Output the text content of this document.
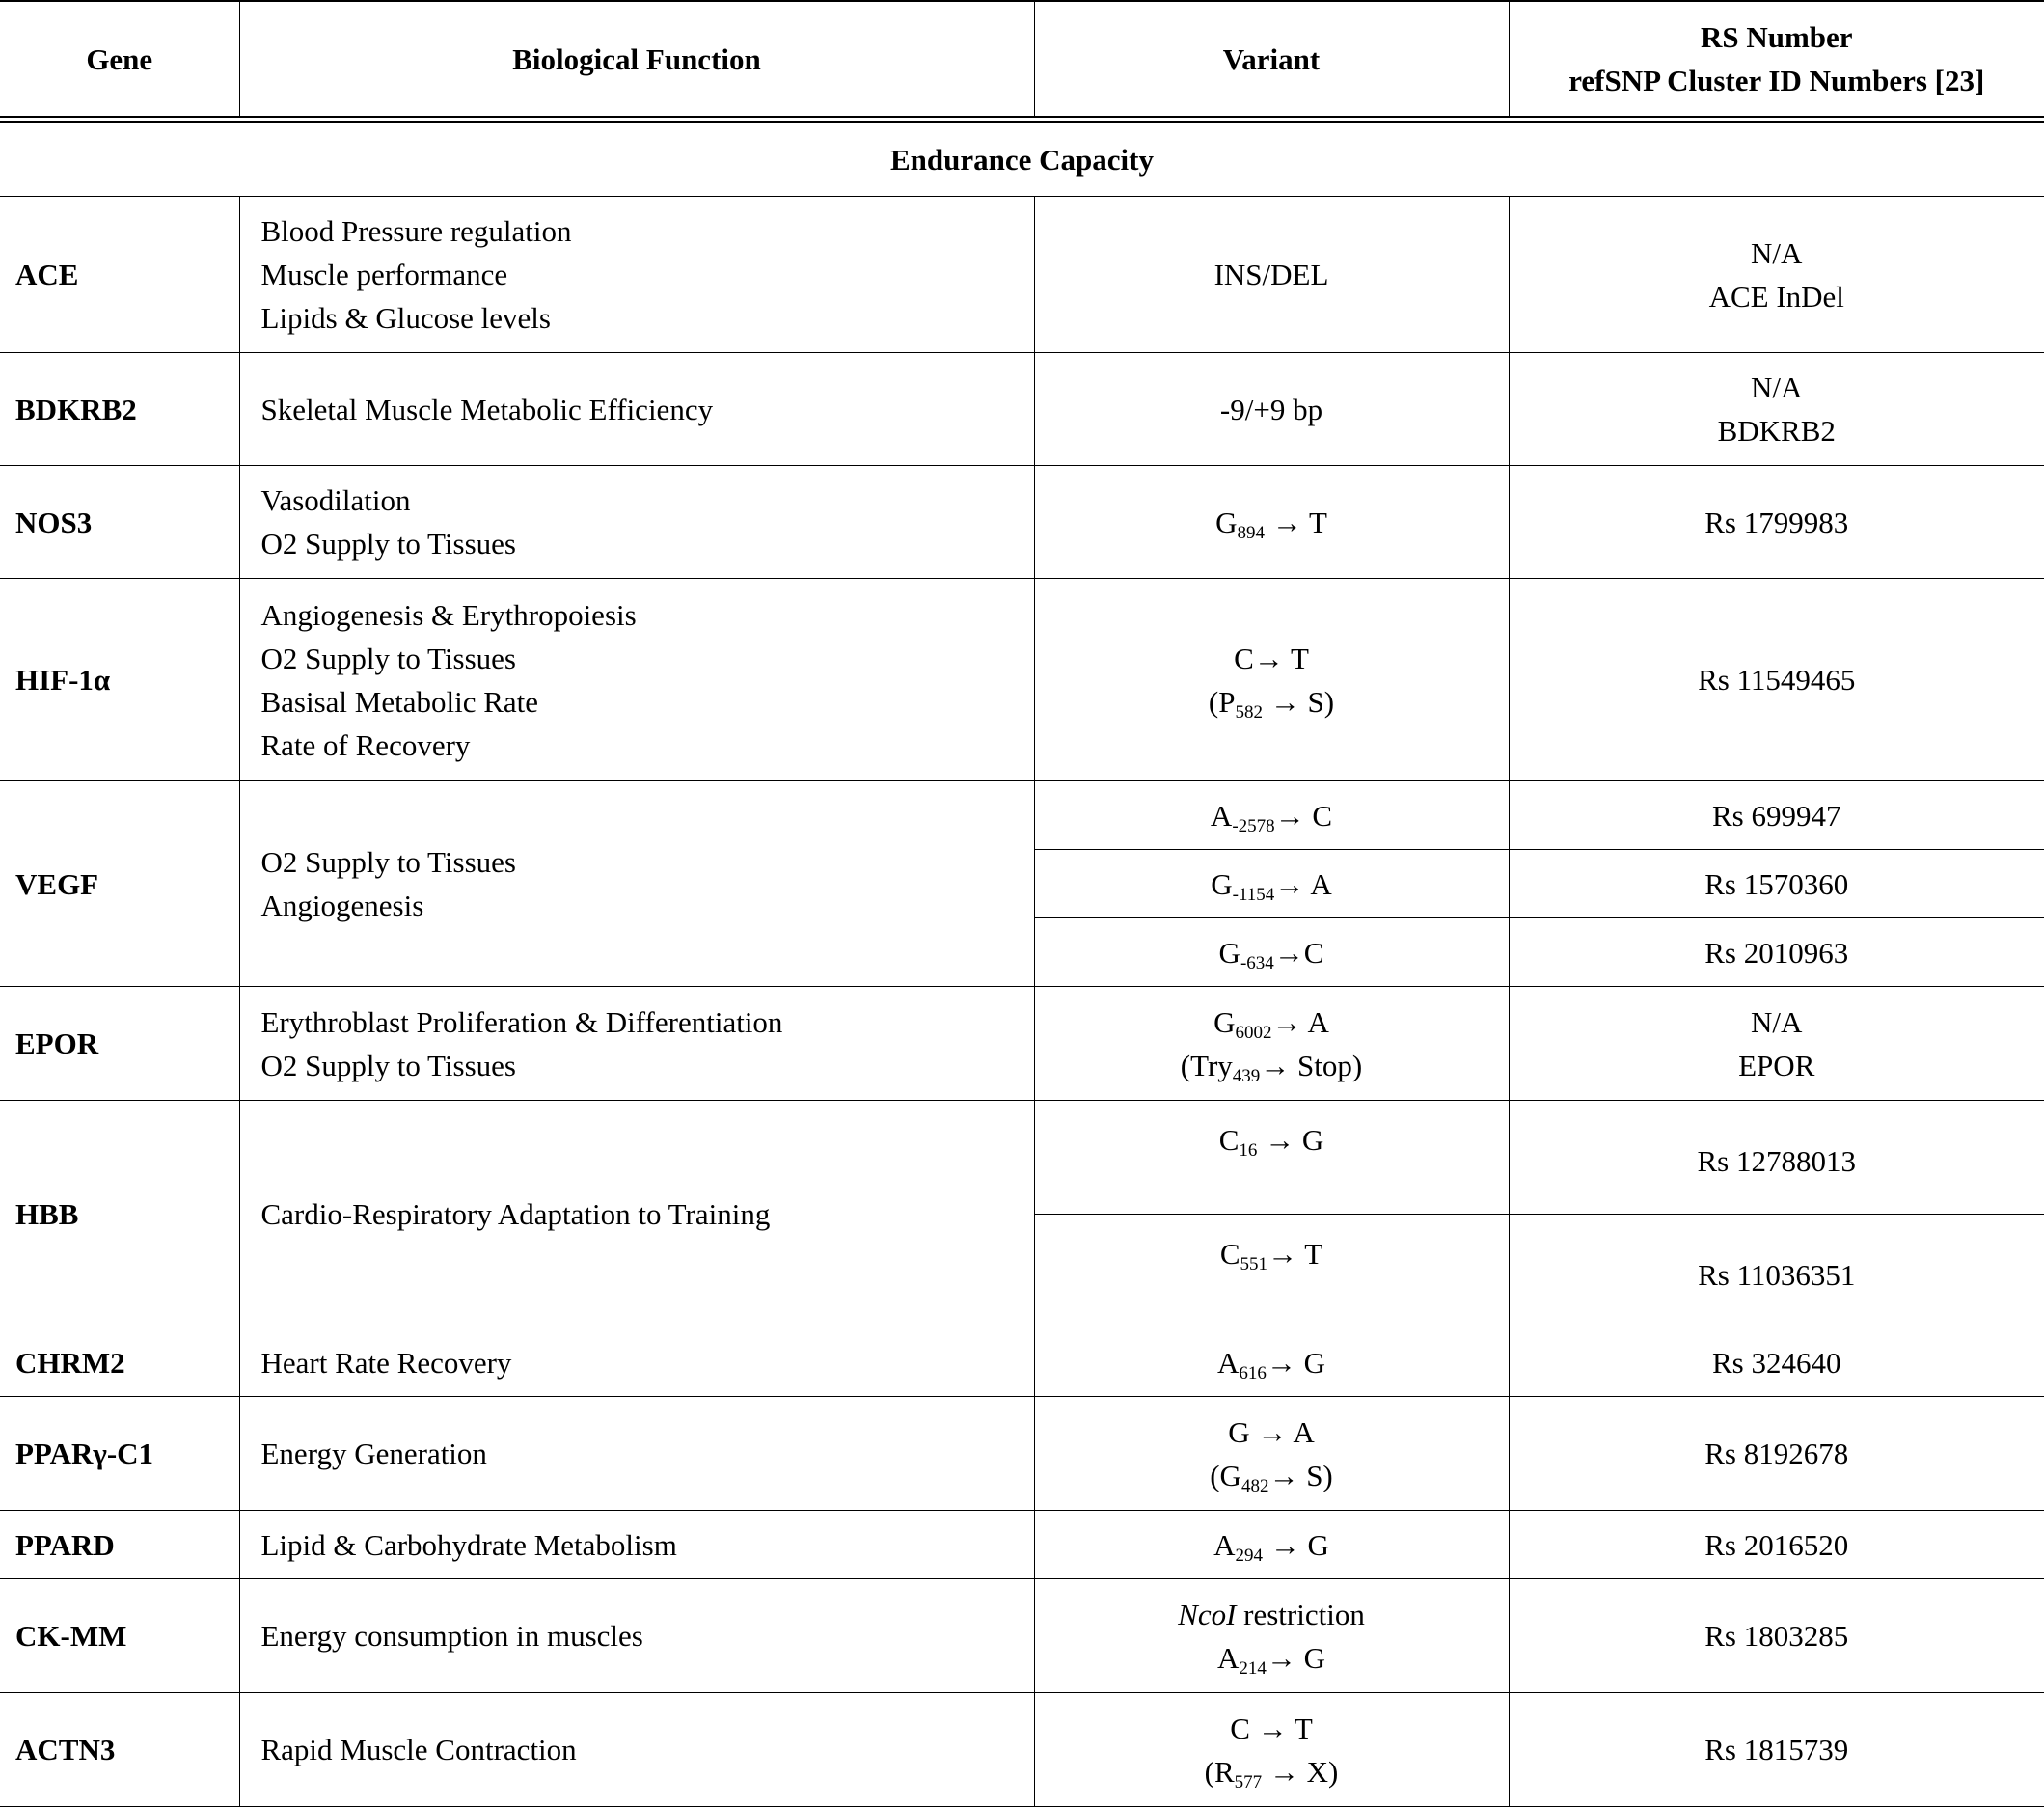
Gene	Biological Function	Variant	RS Number
refSNP Cluster ID Numbers [23]

Endurance Capacity			
ACE	Blood Pressure regulation
Muscle performance
Lipids & Glucose levels	INS/DEL	N/A
ACE InDel

BDKRB2	Skeletal Muscle Metabolic Efficiency	-9/+9 bp	N/A
BDKRB2

NOS3	Vasodilation
O2 Supply to Tissues	$G_{894} \to T$	Rs 1799983
HIF-1α	Angiogenesis & Erythropoiesis
O2 Supply to Tissues
Basisal Metabolic Rate
Rate of Recovery	C→ T
$(P_{582} \to S)$	Rs 11549465
VEGF	O2 Supply to Tissues
Angiogenesis	$A_{-2578}\to C$	Rs 699947
		$G_{-1154}\to A$	Rs 1570360
		$G_{-634}\to C$	Rs 2010963
EPOR	Erythroblast Proliferation & Differentiation
O2 Supply to Tissues	$G_{6002}\to A$
(Try$_{439}$→ Stop)	N/A
EPOR

HBB	Cardio-Respiratory Adaptation to Training	$C_{16} \to G$	Rs 12788013
		$C_{551}\to T$	Rs 11036351
CHRM2	Heart Rate Recovery	$A_{616}\to G$	Rs 324640
PPARγ-C1	Energy Generation	G → A
$(G_{482}\to S)$	Rs 8192678
PPARD	Lipid & Carbohydrate Metabolism	$A_{294} \to G$	Rs 2016520
CK-MM	Energy consumption in muscles	NcoI restriction
$A_{214}\to G$	Rs 1803285
ACTN3	Rapid Muscle Contraction	C → T
$(R_{577} \to X)$	Rs 1815739
